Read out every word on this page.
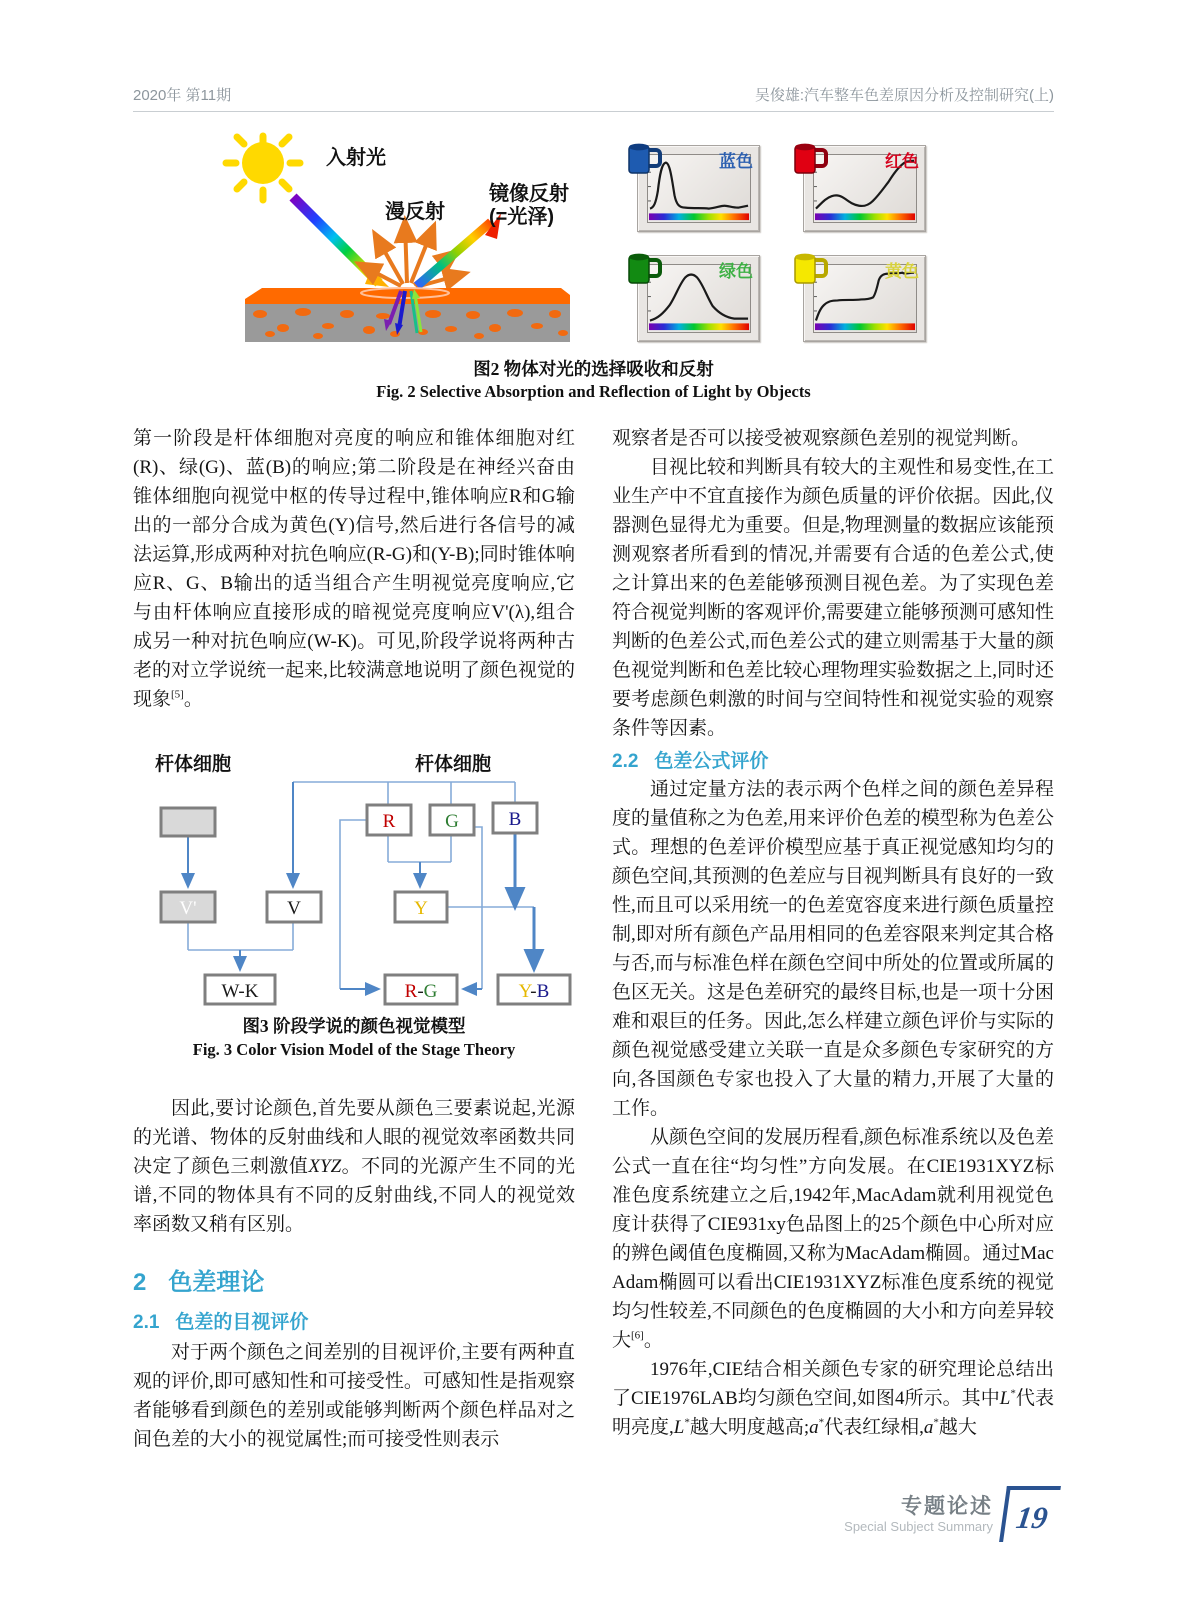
2020年 第11期	吴俊雄:汽车整车色差原因分析及控制研究(上)
入射光
漫反射
镜像反射
(=光泽)
蓝色	红色
绿色	黄色
图2 物体对光的选择吸收和反射
Fig. 2 Selective Absorption and Reflection of Light by Objects
第一阶段是杆体细胞对亮度的响应和锥体细胞对红(R)、绿(G)、蓝(B)的响应;第二阶段是在神经兴奋由锥体细胞向视觉中枢的传导过程中,锥体响应R和G输出的一部分合成为黄色(Y)信号,然后进行各信号的减法运算,形成两种对抗色响应(R-G)和(Y-B);同时锥体响应R、G、B输出的适当组合产生明视觉亮度响应,它与由杆体响应直接形成的暗视觉亮度响应V'(λ),组合成另一种对抗色响应(W-K)。可见,阶段学说将两种古老的对立学说统一起来,比较满意地说明了颜色视觉的现象[5]。
杆体细胞	杆体细胞
R	G	B
V'	V	Y
W-K	R-G	Y-B
图3 阶段学说的颜色视觉模型
Fig. 3 Color Vision Model of the Stage Theory
因此,要讨论颜色,首先要从颜色三要素说起,光源的光谱、物体的反射曲线和人眼的视觉效率函数共同决定了颜色三刺激值XYZ。不同的光源产生不同的光谱,不同的物体具有不同的反射曲线,不同人的视觉效率函数又稍有区别。
2 色差理论
2.1 色差的目视评价
对于两个颜色之间差别的目视评价,主要有两种直观的评价,即可感知性和可接受性。可感知性是指观察者能够看到颜色的差别或能够判断两个颜色样品对之间色差的大小的视觉属性;而可接受性则表示
观察者是否可以接受被观察颜色差别的视觉判断。
目视比较和判断具有较大的主观性和易变性,在工业生产中不宜直接作为颜色质量的评价依据。因此,仪器测色显得尤为重要。但是,物理测量的数据应该能预测观察者所看到的情况,并需要有合适的色差公式,使之计算出来的色差能够预测目视色差。为了实现色差符合视觉判断的客观评价,需要建立能够预测可感知性判断的色差公式,而色差公式的建立则需基于大量的颜色视觉判断和色差比较心理物理实验数据之上,同时还要考虑颜色刺激的时间与空间特性和视觉实验的观察条件等因素。
2.2 色差公式评价
通过定量方法的表示两个色样之间的颜色差异程度的量值称之为色差,用来评价色差的模型称为色差公式。理想的色差评价模型应基于真正视觉感知均匀的颜色空间,其预测的色差应与目视判断具有良好的一致性,而且可以采用统一的色差宽容度来进行颜色质量控制,即对所有颜色产品用相同的色差容限来判定其合格与否,而与标准色样在颜色空间中所处的位置或所属的色区无关。这是色差研究的最终目标,也是一项十分困难和艰巨的任务。因此,怎么样建立颜色评价与实际的颜色视觉感受建立关联一直是众多颜色专家研究的方向,各国颜色专家也投入了大量的精力,开展了大量的工作。
从颜色空间的发展历程看,颜色标准系统以及色差公式一直在往“均匀性”方向发展。在CIE1931XYZ标准色度系统建立之后,1942年,MacAdam就利用视觉色度计获得了CIE931xy色品图上的25个颜色中心所对应的辨色阈值色度椭圆,又称为MacAdam椭圆。通过MacAdam椭圆可以看出CIE1931XYZ标准色度系统的视觉均匀性较差,不同颜色的色度椭圆的大小和方向差异较大[6]。
1976年,CIE结合相关颜色专家的研究理论总结出了CIE1976LAB均匀颜色空间,如图4所示。其中L*代表明亮度,L*越大明度越高;a*代表红绿相,a*越大
专题论述
Special Subject Summary 19
